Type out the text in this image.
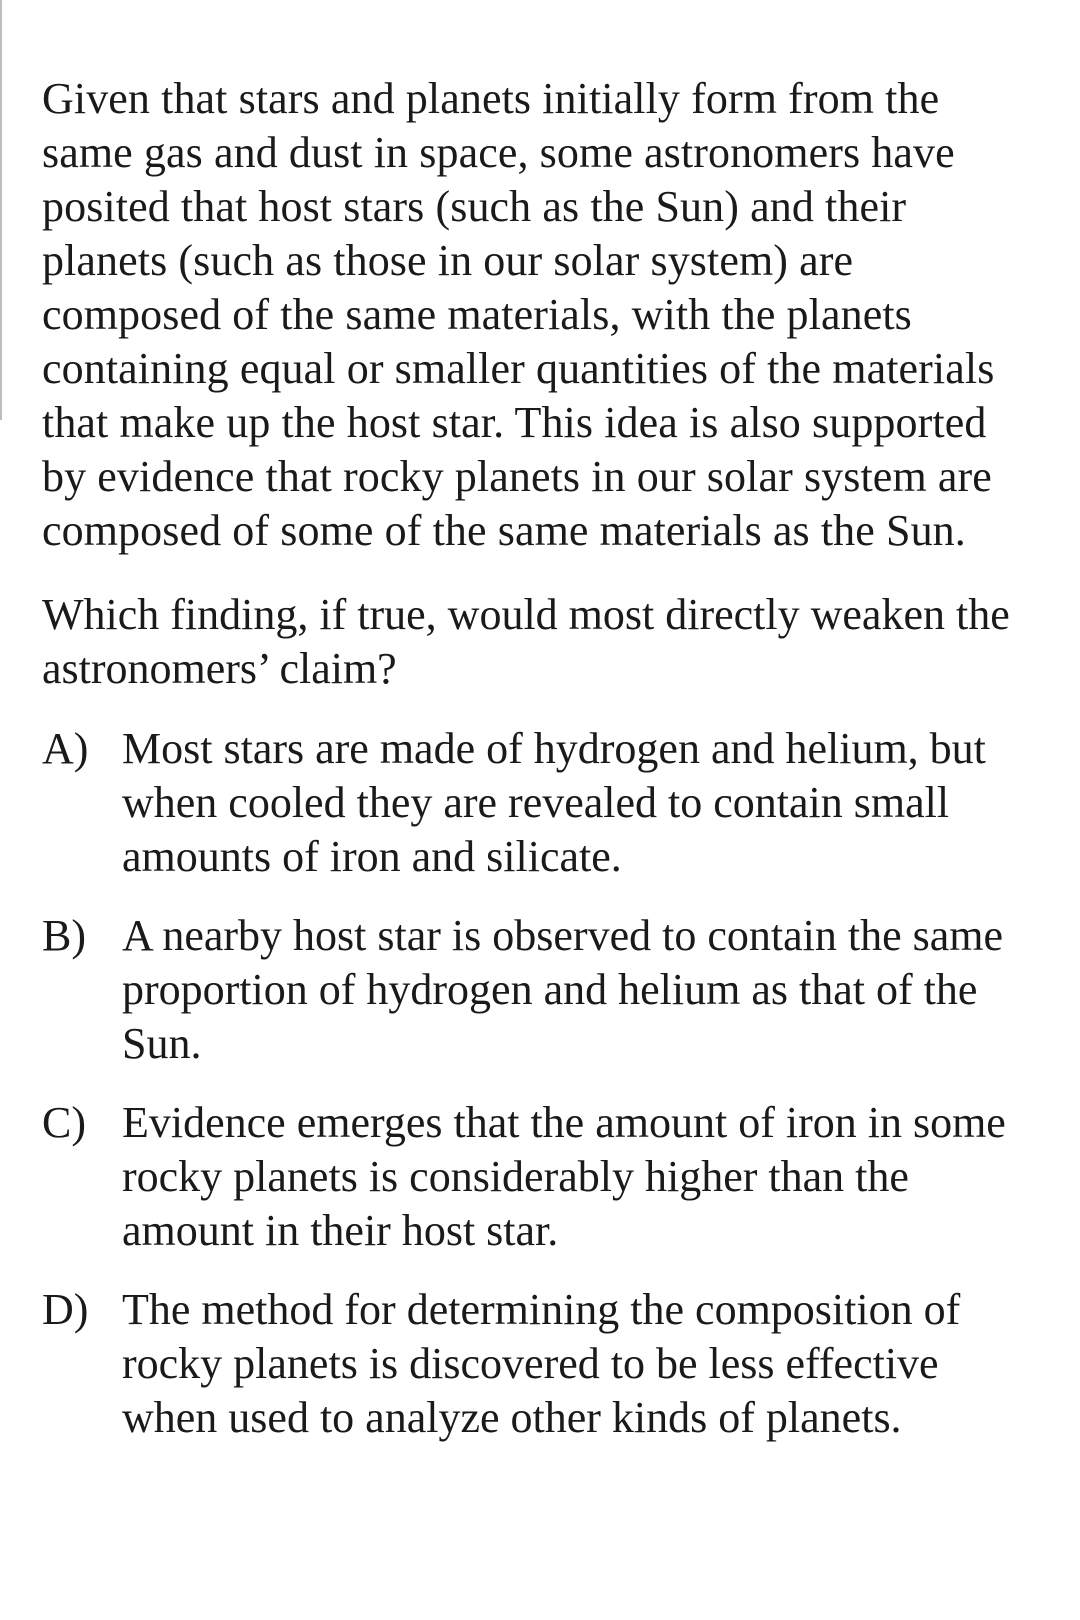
Given that stars and planets initially form from the same gas and dust in space, some astronomers have posited that host stars (such as the Sun) and their planets (such as those in our solar system) are composed of the same materials, with the planets containing equal or smaller quantities of the materials that make up the host star. This idea is also supported by evidence that rocky planets in our solar system are composed of some of the same materials as the Sun.

Which finding, if true, would most directly weaken the astronomers’ claim?

A) Most stars are made of hydrogen and helium, but when cooled they are revealed to contain small amounts of iron and silicate.
B) A nearby host star is observed to contain the same proportion of hydrogen and helium as that of the Sun.
C) Evidence emerges that the amount of iron in some rocky planets is considerably higher than the amount in their host star.
D) The method for determining the composition of rocky planets is discovered to be less effective when used to analyze other kinds of planets.
